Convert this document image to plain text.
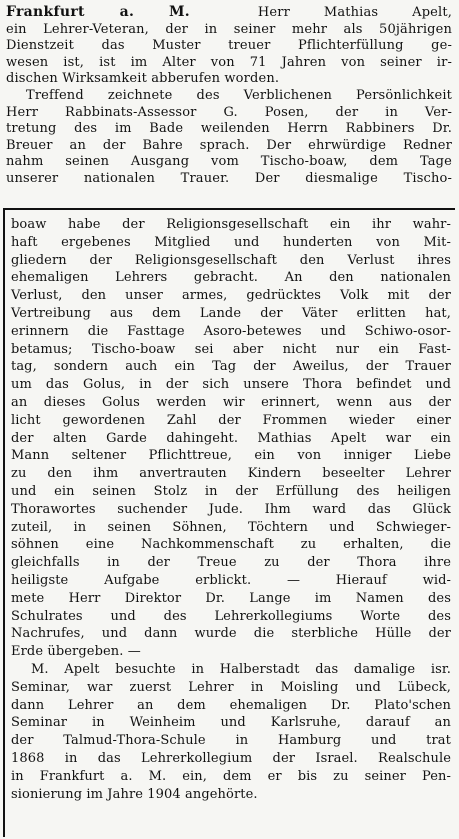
Frankfurt a. M.	Herr Mathias Apelt,
ein Lehrer-Veteran, der in seiner mehr als 50jährigen
Dienstzeit das Muster treuer Pflichterfüllung ge-
wesen ist, ist im Alter von 71 Jahren von seiner ir-
dischen Wirksamkeit abberufen worden.
Treffend zeichnete des Verblichenen Persönlichkeit
Herr Rabbinats-Assessor G. Posen, der in Ver-
tretung des im Bade weilenden Herrn Rabbiners Dr.
Breuer an der Bahre sprach. Der ehrwürdige Redner
nahm seinen Ausgang vom Tischo-boaw, dem Tage
unserer nationalen Trauer. Der diesmalige Tischo-
boaw habe der Religionsgesellschaft ein ihr wahr-
haft ergebenes Mitglied und hunderten von Mit-
gliedern der Religionsgesellschaft den Verlust ihres
ehemaligen Lehrers gebracht. An den nationalen
Verlust, den unser armes, gedrücktes Volk mit der
Vertreibung aus dem Lande der Väter erlitten hat,
erinnern die Fasttage Asoro-betewes und Schiwo-osor-
betamus; Tischo-boaw sei aber nicht nur ein Fast-
tag, sondern auch ein Tag der Aweilus, der Trauer
um das Golus, in der sich unsere Thora befindet und
an dieses Golus werden wir erinnert, wenn aus der
licht gewordenen Zahl der Frommen wieder einer
der alten Garde dahingeht. Mathias Apelt war ein
Mann seltener Pflichttreue, ein von inniger Liebe
zu den ihm anvertrauten Kindern beseelter Lehrer
und ein seinen Stolz in der Erfüllung des heiligen
Thorawortes suchender Jude. Ihm ward das Glück
zuteil, in seinen Söhnen, Töchtern und Schwieger-
söhnen eine Nachkommenschaft zu erhalten, die
gleichfalls in der Treue zu der Thora ihre
heiligste Aufgabe erblickt. — Hierauf wid-
mete Herr Direktor Dr. Lange im Namen des
Schulrates und des Lehrerkollegiums Worte des
Nachrufes, und dann wurde die sterbliche Hülle der
Erde übergeben. —
M. Apelt besuchte in Halberstadt das damalige isr.
Seminar, war zuerst Lehrer in Moisling und Lübeck,
dann Lehrer an dem ehemaligen Dr. Plato'schen
Seminar in Weinheim und Karlsruhe, darauf an
der Talmud-Thora-Schule in Hamburg und trat
1868 in das Lehrerkollegium der Israel. Realschule
in Frankfurt a. M. ein, dem er bis zu seiner Pen-
sionierung im Jahre 1904 angehörte.
